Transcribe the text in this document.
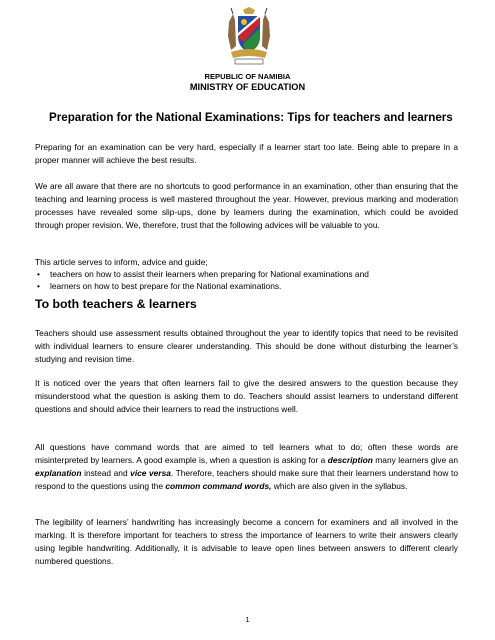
REPUBLIC OF NAMIBIA
MINISTRY OF EDUCATION
Preparation for the National Examinations: Tips for teachers and learners

Preparing for an examination can be very hard, especially if a learner start too late. Being able to prepare in a proper manner will achieve the best results.

We are all aware that there are no shortcuts to good performance in an examination, other than ensuring that the teaching and learning process is well mastered throughout the year. However, previous marking and moderation processes have revealed some slip-ups, done by learners during the examination, which could be avoided through proper revision. We, therefore, trust that the following advices will be valuable to you.

This article serves to inform, advice and guide;

• teachers on how to assist their learners when preparing for National examinations and
• learners on how to best prepare for the National examinations.
To both teachers & learners

Teachers should use assessment results obtained throughout the year to identify topics that need to be revisited with individual learners to ensure clearer understanding. This should be done without disturbing the learner’s studying and revision time.

It is noticed over the years that often learners fail to give the desired answers to the question because they misunderstood what the question is asking them to do. Teachers should assist learners to understand different questions and should advice their learners to read the instructions well.

All questions have command words that are aimed to tell learners what to do; often these words are misinterpreted by learners. A good example is, when a question is asking for a description many learners give an explanation instead and vice versa. Therefore, teachers should make sure that their learners understand how to respond to the questions using the common command words, which are also given in the syllabus.

The legibility of learners’ handwriting has increasingly become a concern for examiners and all involved in the marking. It is therefore important for teachers to stress the importance of learners to write their answers clearly using legible handwriting. Additionally, it is advisable to leave open lines between answers to different clearly numbered questions.

1
